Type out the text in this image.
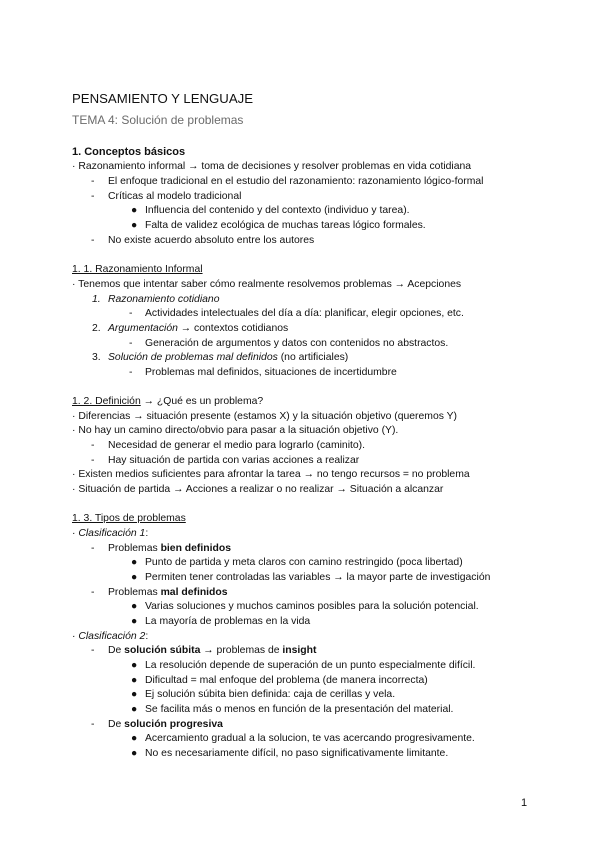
PENSAMIENTO Y LENGUAJE
TEMA 4: Solución de problemas
1. Conceptos básicos
· Razonamiento informal → toma de decisiones y resolver problemas en vida cotidiana
- El enfoque tradicional en el estudio del razonamiento: razonamiento lógico-formal
- Críticas al modelo tradicional
● Influencia del contenido y del contexto (individuo y tarea).
● Falta de validez ecológica de muchas tareas lógico formales.
- No existe acuerdo absoluto entre los autores
1. 1. Razonamiento Informal
· Tenemos que intentar saber cómo realmente resolvemos problemas → Acepciones
1. Razonamiento cotidiano
- Actividades intelectuales del día a día: planificar, elegir opciones, etc.
2. Argumentación → contextos cotidianos
- Generación de argumentos y datos con contenidos no abstractos.
3. Solución de problemas mal definidos (no artificiales)
- Problemas mal definidos, situaciones de incertidumbre
1. 2. Definición → ¿Qué es un problema?
· Diferencias → situación presente (estamos X) y la situación objetivo (queremos Y)
· No hay un camino directo/obvio para pasar a la situación objetivo (Y).
- Necesidad de generar el medio para lograrlo (caminito).
- Hay situación de partida con varias acciones a realizar
· Existen medios suficientes para afrontar la tarea → no tengo recursos = no problema
· Situación de partida → Acciones a realizar o no realizar → Situación a alcanzar
1. 3. Tipos de problemas
· Clasificación 1:
- Problemas bien definidos
● Punto de partida y meta claros con camino restringido (poca libertad)
● Permiten tener controladas las variables → la mayor parte de investigación
- Problemas mal definidos
● Varias soluciones y muchos caminos posibles para la solución potencial.
● La mayoría de problemas en la vida
· Clasificación 2:
- De solución súbita → problemas de insight
● La resolución depende de superación de un punto especialmente difícil.
● Dificultad = mal enfoque del problema (de manera incorrecta)
● Ej solución súbita bien definida: caja de cerillas y vela.
● Se facilita más o menos en función de la presentación del material.
- De solución progresiva
● Acercamiento gradual a la solucion, te vas acercando progresivamente.
● No es necesariamente difícil, no paso significativamente limitante.
1
